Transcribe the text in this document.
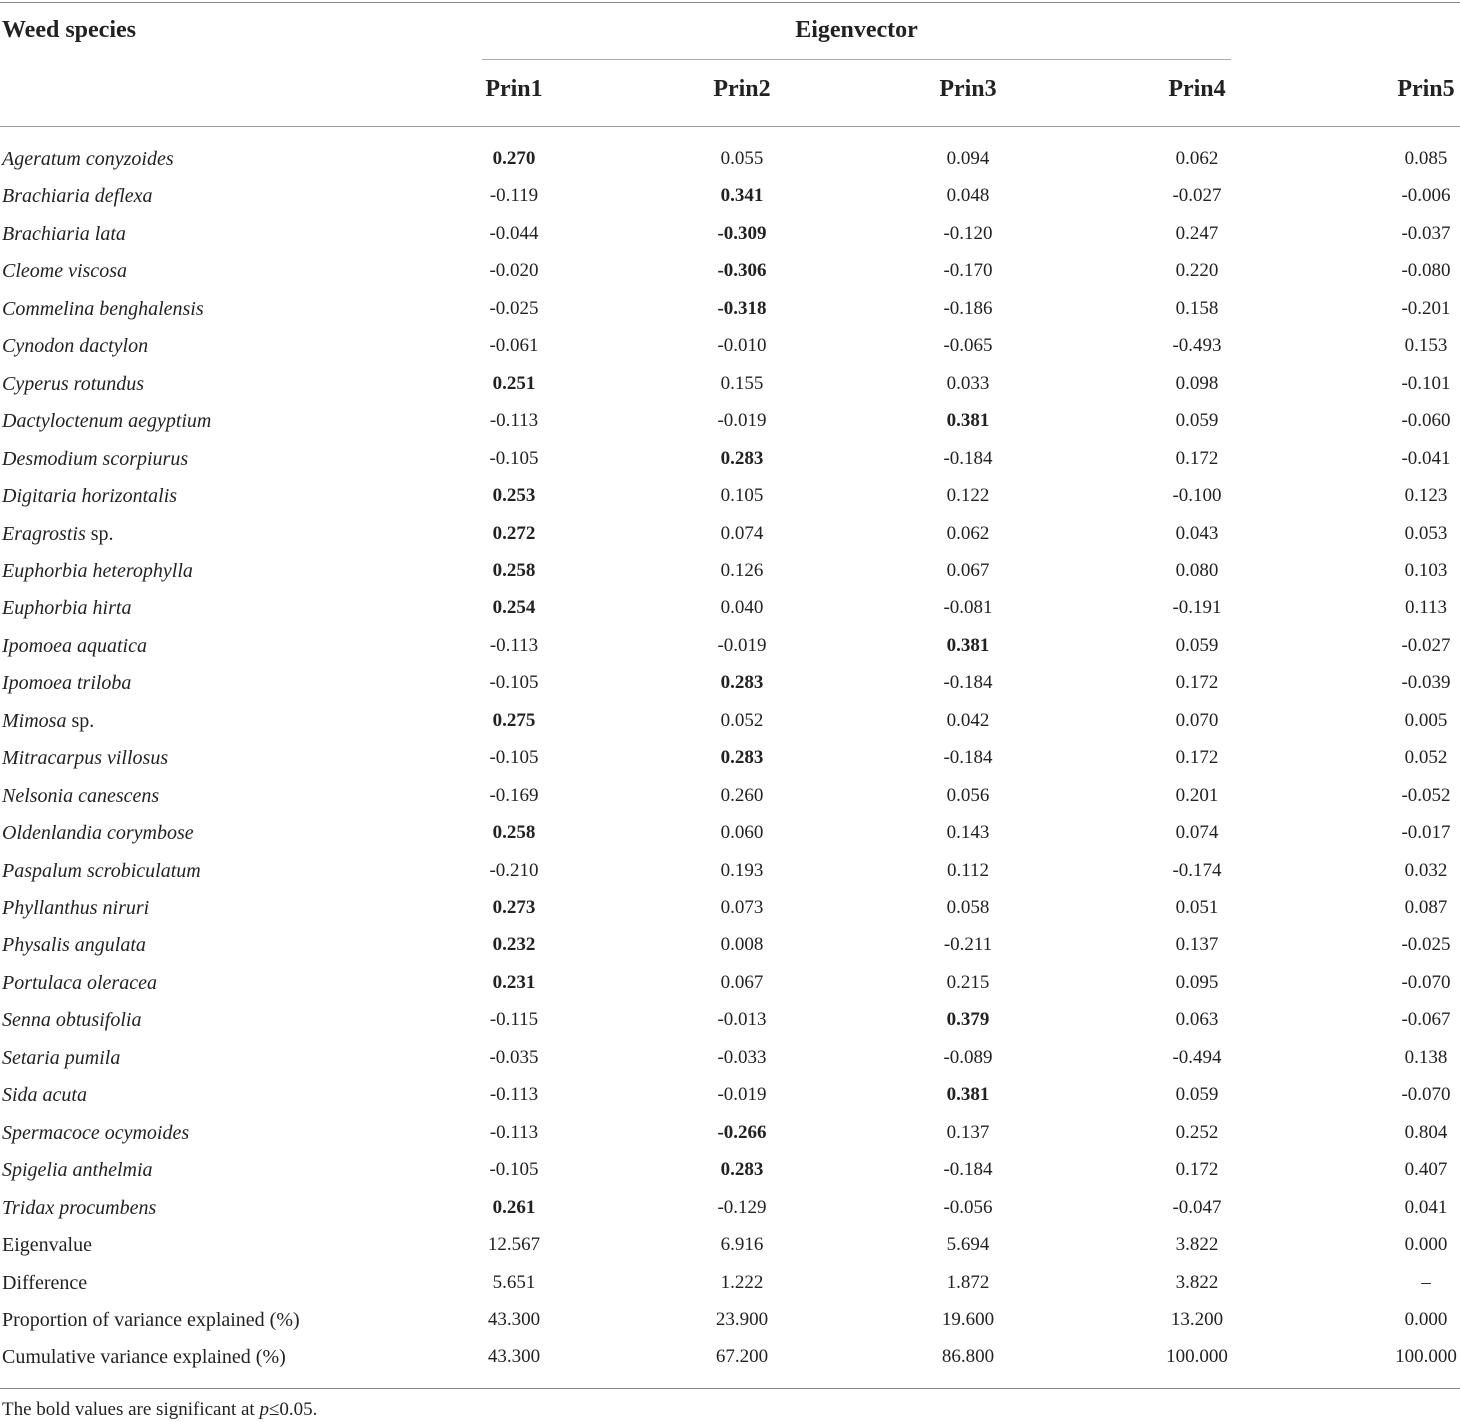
Weed species	Eigenvector
Prin1	Prin2	Prin3	Prin4	Prin5
Ageratum conyzoides	0.270	0.055	0.094	0.062	0.085
Brachiaria deflexa	-0.119	0.341	0.048	-0.027	-0.006
Brachiaria lata	-0.044	-0.309	-0.120	0.247	-0.037
Cleome viscosa	-0.020	-0.306	-0.170	0.220	-0.080
Commelina benghalensis	-0.025	-0.318	-0.186	0.158	-0.201
Cynodon dactylon	-0.061	-0.010	-0.065	-0.493	0.153
Cyperus rotundus	0.251	0.155	0.033	0.098	-0.101
Dactyloctenum aegyptium	-0.113	-0.019	0.381	0.059	-0.060
Desmodium scorpiurus	-0.105	0.283	-0.184	0.172	-0.041
Digitaria horizontalis	0.253	0.105	0.122	-0.100	0.123
Eragrostis sp.	0.272	0.074	0.062	0.043	0.053
Euphorbia heterophylla	0.258	0.126	0.067	0.080	0.103
Euphorbia hirta	0.254	0.040	-0.081	-0.191	0.113
Ipomoea aquatica	-0.113	-0.019	0.381	0.059	-0.027
Ipomoea triloba	-0.105	0.283	-0.184	0.172	-0.039
Mimosa sp.	0.275	0.052	0.042	0.070	0.005
Mitracarpus villosus	-0.105	0.283	-0.184	0.172	0.052
Nelsonia canescens	-0.169	0.260	0.056	0.201	-0.052
Oldenlandia corymbose	0.258	0.060	0.143	0.074	-0.017
Paspalum scrobiculatum	-0.210	0.193	0.112	-0.174	0.032
Phyllanthus niruri	0.273	0.073	0.058	0.051	0.087
Physalis angulata	0.232	0.008	-0.211	0.137	-0.025
Portulaca oleracea	0.231	0.067	0.215	0.095	-0.070
Senna obtusifolia	-0.115	-0.013	0.379	0.063	-0.067
Setaria pumila	-0.035	-0.033	-0.089	-0.494	0.138
Sida acuta	-0.113	-0.019	0.381	0.059	-0.070
Spermacoce ocymoides	-0.113	-0.266	0.137	0.252	0.804
Spigelia anthelmia	-0.105	0.283	-0.184	0.172	0.407
Tridax procumbens	0.261	-0.129	-0.056	-0.047	0.041
Eigenvalue	12.567	6.916	5.694	3.822	0.000
Difference	5.651	1.222	1.872	3.822	–
Proportion of variance explained (%)	43.300	23.900	19.600	13.200	0.000
Cumulative variance explained (%)	43.300	67.200	86.800	100.000	100.000
The bold values are significant at p≤0.05.
